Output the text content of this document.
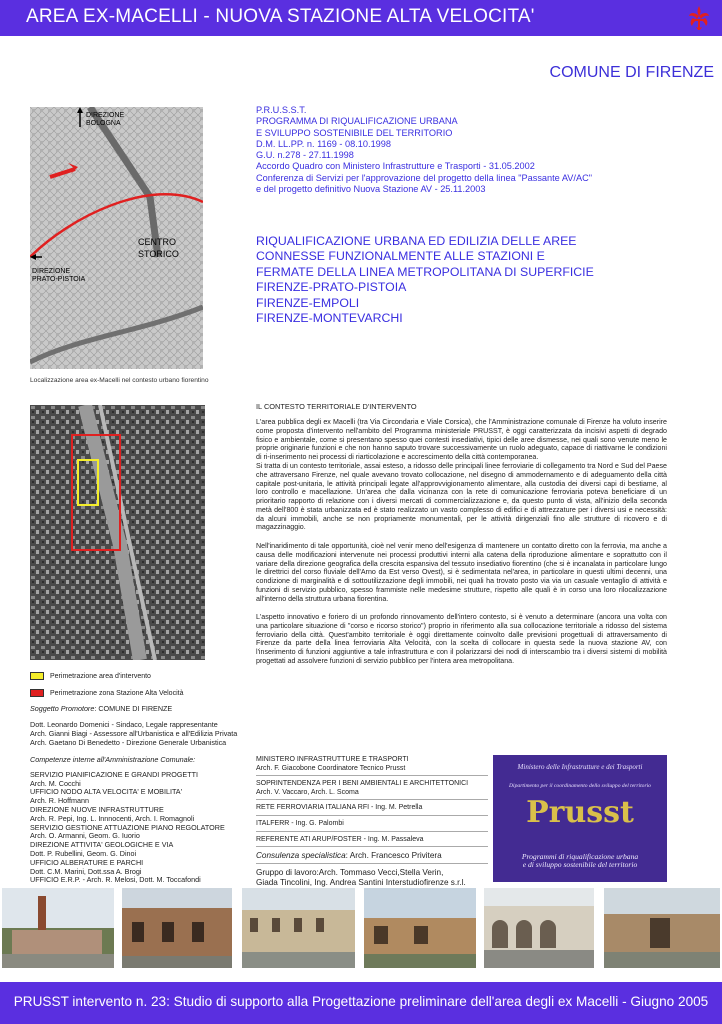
AREA EX-MACELLI - NUOVA STAZIONE ALTA VELOCITA'
COMUNE DI FIRENZE
P.R.U.S.S.T.
PROGRAMMA DI RIQUALIFICAZIONE URBANA
E SVILUPPO SOSTENIBILE DEL TERRITORIO
D.M. LL.PP. n. 1169 - 08.10.1998
G.U. n.278 - 27.11.1998
Accordo Quadro con Ministero Infrastrutture e Trasporti - 31.05.2002
Conferenza di Servizi per l'approvazione del progetto della linea "Passante AV/AC"
e del progetto definitivo Nuova Stazione AV - 25.11.2003
RIQUALIFICAZIONE URBANA ED EDILIZIA DELLE AREE
CONNESSE FUNZIONALMENTE ALLE STAZIONI E
FERMATE DELLA LINEA METROPOLITANA DI SUPERFICIE
FIRENZE-PRATO-PISTOIA
FIRENZE-EMPOLI
FIRENZE-MONTEVARCHI
DIREZIONE
BOLOGNA
CENTRO
STORICO
DIREZIONE
PRATO-PISTOIA
Localizzazione area ex-Macelli nel contesto urbano fiorentino
Perimetrazione area d'intervento
Perimetrazione zona Stazione Alta Velocità
Soggetto Promotore: COMUNE DI FIRENZE
Dott. Leonardo Domenici - Sindaco, Legale rappresentante
Arch. Gianni Biagi - Assessore all'Urbanistica e all'Edilizia Privata
Arch. Gaetano Di Benedetto - Direzione Generale Urbanistica
Competenze interne all'Amministrazione Comunale:
SERVIZIO PIANIFICAZIONE E GRANDI PROGETTI
Arch. M. Cocchi
UFFICIO NODO ALTA VELOCITA' E MOBILITA'
Arch. R. Hoffmann
DIREZIONE NUOVE INFRASTRUTTURE
Arch. R. Pepi, Ing. L. Innnocenti, Arch. I. Romagnoli
SERVIZIO GESTIONE ATTUAZIONE PIANO REGOLATORE
Arch. O. Armanni, Geom. G. Iuorio
DIREZIONE ATTIVITA' GEOLOGICHE E VIA
Dott. P. Rubellini, Geom. G. Dinoi
UFFICIO ALBERATURE E PARCHI
Dott. C.M. Marini, Dott.ssa A. Brogi
UFFICIO E.R.P. - Arch. R. Melosi, Dott. M. Toccafondi
IL CONTESTO TERRITORIALE D'INTERVENTO
L'area pubblica degli ex Macelli (tra Via Circondaria e Viale Corsica), che l'Amministrazione comunale di Firenze ha voluto inserire come proposta d'intervento nell'ambito del Programma ministeriale PRUSST, è oggi caratterizzata da incisivi aspetti di degrado fisico e ambientale, come si presentano spesso quei contesti insediativi, tipici delle aree dismesse, nei quali sono venute meno le proprie originarie funzioni e che non hanno saputo trovare successivamente un ruolo adeguato, capace di riattivarne le condizioni di ri-inserimento nei processi di riarticolazione e accrescimento della città contemporanea.
Si tratta di un contesto territoriale, assai esteso, a ridosso delle principali linee ferroviarie di collegamento tra Nord e Sud del Paese che attraversano Firenze, nel quale avevano trovato collocazione, nel disegno di ammodernamento e di adeguamento della città capitale post-unitaria, le attività principali legate all'approvvigionamento alimentare, alla custodia dei diversi capi di bestiame, al loro controllo e macellazione. Un'area che dalla vicinanza con la rete di comunicazione ferroviaria poteva beneficiare di un prioritario rapporto di relazione con i diversi mercati di commercializzazione e, da questo punto di vista, all'inizio della seconda metà dell'800 è stata urbanizzata ed è stato realizzato un vasto complesso di edifici e di attrezzature per i diversi usi e necessità: da alcuni immobili, anche se non propriamente monumentali, per le attività dirigenziali fino alle strutture di ricovero e di magazzinaggio.
Nell'inaridimento di tale opportunità, cioè nel venir meno dell'esigenza di mantenere un contatto diretto con la ferrovia, ma anche a causa delle modificazioni intervenute nei processi produttivi interni alla catena della riproduzione alimentare e soprattutto con il variare della direzione geografica della crescita espansiva del tessuto insediativo fiorentino (che si è incanalata in particolare lungo le direttrici del corso fluviale dell'Arno da Est verso Ovest), si è sedimentata nel'area, in particolare in questi ultimi decenni, una condizione di marginalità e di sottoutilizzazione degli immobili, nei quali ha trovato posto via via un casuale ventaglio di attività e funzioni di servizio pubblico, spesso frammiste nelle medesime strutture, rispetto alle quali è in corso una loro rilocalizzazione all'interno della struttura urbana fiorentina.
L'aspetto innovativo e foriero di un profondo rinnovamento dell'intero contesto, si è venuto a determinare (ancora una volta con una particolare situazione di "corso e ricorso storico") proprio in riferimento alla sua collocazione territoriale a ridosso del sistema ferroviario della città. Quest'ambito territoriale è oggi direttamente coinvolto dalle previsioni progettuali di attraversamento di Firenze da parte della linea ferroviaria Alta Velocità, con la scelta di collocare in questa sede la nuova stazione AV, con l'inserimento di funzioni aggiuntive a tale infrastruttura e con il polarizzarsi dei nodi di interscambio tra i diversi sistemi di mobilità progettati ad assolvere funzioni di servizio pubblico per l'intera area metropolitana.
MINISTERO INFRASTRUTTURE E TRASPORTI
Arch. F. Giacobone Coordinatore Tecnico Prusst
SOPRINTENDENZA PER I BENI AMBIENTALI E ARCHITETTONICI
Arch. V. Vaccaro, Arch. L. Scoma
RETE FERROVIARIA ITALIANA RFI - Ing. M. Petrella
ITALFERR - Ing. G. Palombi
REFERENTE ATI ARUP/FOSTER - Ing. M. Passaleva
Consulenza specialistica: Arch. Francesco Privitera
Gruppo di lavoro:Arch. Tommaso Vecci,Stella Verin,
Giada Tincolini, Ing. Andrea Santini Interstudiofirenze s.r.l.
Ministero delle Infrastrutture e dei Trasporti
Dipartimento per il coordinamento dello sviluppo del territorio
Prusst
Programmi di riqualificazione urbana
e di sviluppo sostenibile del territorio
PRUSST intervento n. 23: Studio di supporto alla Progettazione preliminare dell'area degli ex Macelli - Giugno 2005
